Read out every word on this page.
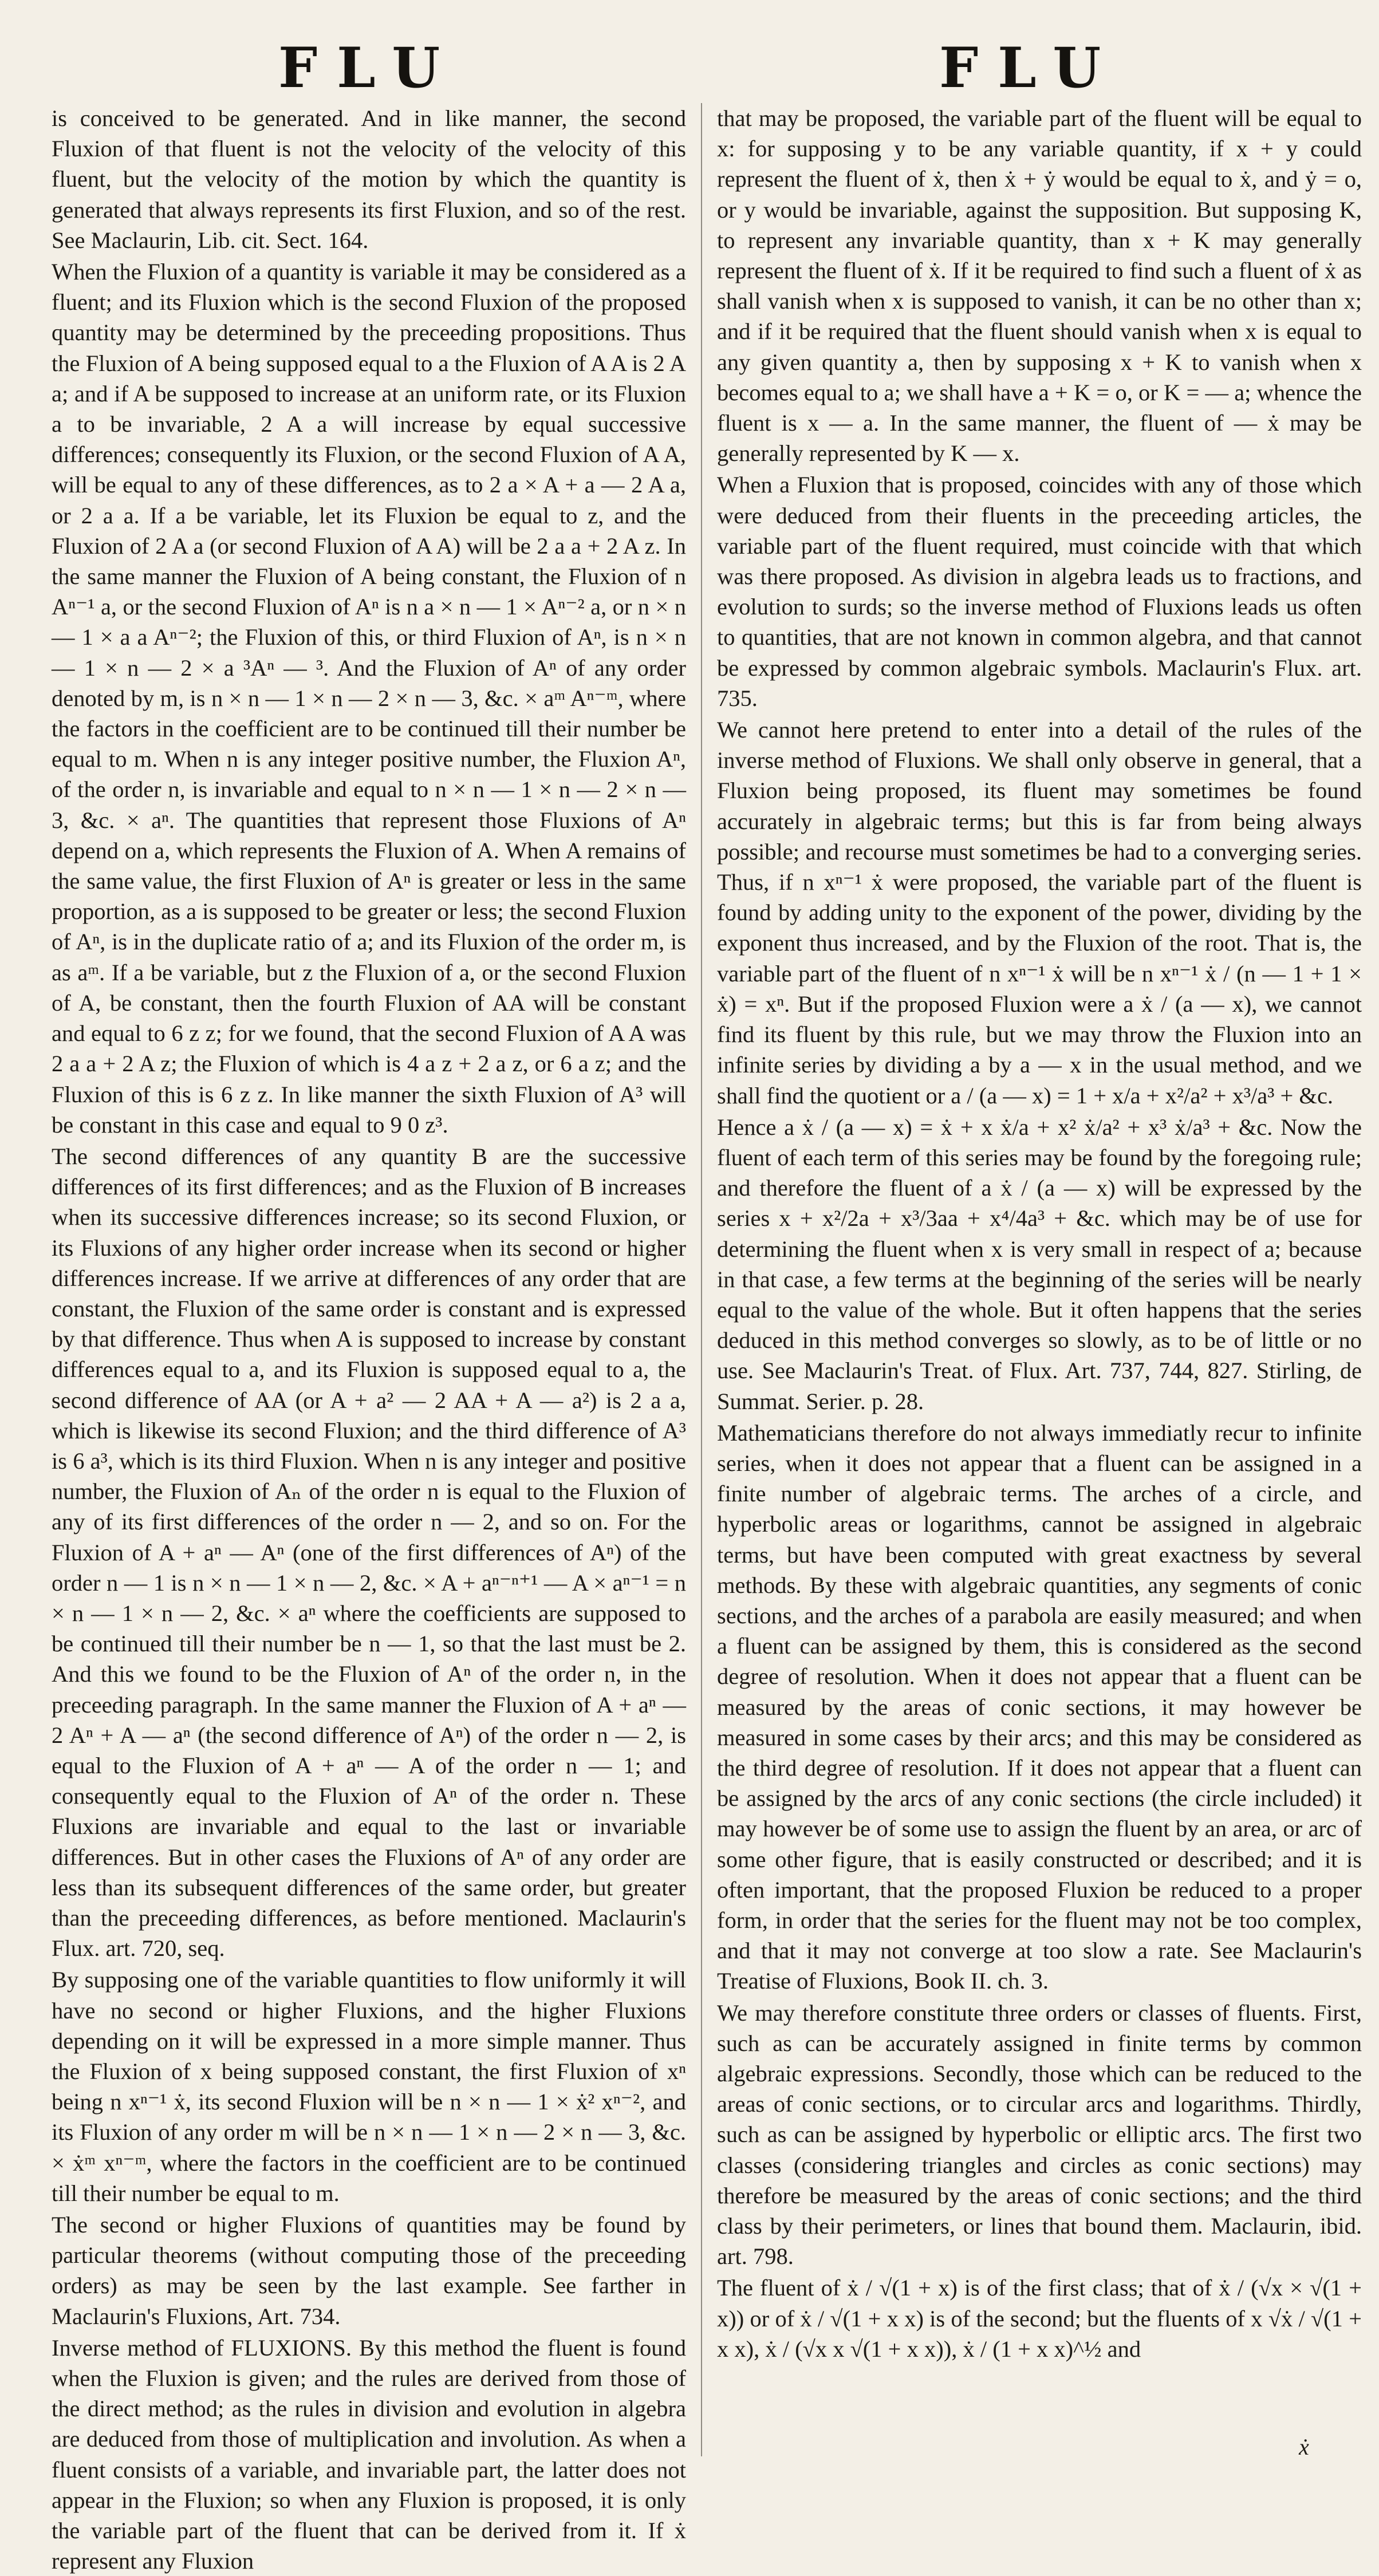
FLU	FLU

is conceived to be generated. And in like manner, the second Fluxion of that fluent is not the velocity of the velocity of this fluent, but the velocity of the motion by which the quantity is generated that always represents its first Fluxion, and so of the rest. See Maclaurin, Lib. cit. Sect. 164.

When the Fluxion of a quantity is variable it may be considered as a fluent; and its Fluxion which is the second Fluxion of the proposed quantity may be determined by the preceeding propositions. Thus the Fluxion of A being supposed equal to a the Fluxion of A A is 2 A a; and if A be supposed to increase at an uniform rate, or its Fluxion a to be invariable, 2 A a will increase by equal successive differences; consequently its Fluxion, or the second Fluxion of A A, will be equal to any of these differences, as to 2 a × A + a — 2 A a, or 2 a a. If a be variable, let its Fluxion be equal to z, and the Fluxion of 2 A a (or second Fluxion of A A) will be 2 a a + 2 A z. In the same manner the Fluxion of A being constant, the Fluxion of n Aⁿ⁻¹ a, or the second Fluxion of Aⁿ is n a × n — 1 × Aⁿ⁻² a, or n × n — 1 × a a Aⁿ⁻²; the Fluxion of this, or third Fluxion of Aⁿ, is n × n — 1 × n — 2 × a ³Aⁿ — ³. And the Fluxion of Aⁿ of any order denoted by m, is n × n — 1 × n — 2 × n — 3, &c. × aᵐ Aⁿ⁻ᵐ, where the factors in the coefficient are to be continued till their number be equal to m. When n is any integer positive number, the Fluxion Aⁿ, of the order n, is invariable and equal to n × n — 1 × n — 2 × n — 3, &c. × aⁿ. The quantities that represent those Fluxions of Aⁿ depend on a, which represents the Fluxion of A. When A remains of the same value, the first Fluxion of Aⁿ is greater or less in the same proportion, as a is supposed to be greater or less; the second Fluxion of Aⁿ, is in the duplicate ratio of a; and its Fluxion of the order m, is as aᵐ. If a be variable, but z the Fluxion of a, or the second Fluxion of A, be constant, then the fourth Fluxion of AA will be constant and equal to 6 z z; for we found, that the second Fluxion of A A was 2 a a + 2 A z; the Fluxion of which is 4 a z + 2 a z, or 6 a z; and the Fluxion of this is 6 z z. In like manner the sixth Fluxion of A³ will be constant in this case and equal to 9 0 z³.

The second differences of any quantity B are the successive differences of its first differences; and as the Fluxion of B increases when its successive differences increase; so its second Fluxion, or its Fluxions of any higher order increase when its second or higher differences increase. If we arrive at differences of any order that are constant, the Fluxion of the same order is constant and is expressed by that difference. Thus when A is supposed to increase by constant differences equal to a, and its Fluxion is supposed equal to a, the second difference of AA (or A + a² — 2 AA + A — a²) is 2 a a, which is likewise its second Fluxion; and the third difference of A³ is 6 a³, which is its third Fluxion. When n is any integer and positive number, the Fluxion of Aₙ of the order n is equal to the Fluxion of any of its first differences of the order n — 2, and so on. For the Fluxion of A + aⁿ — Aⁿ (one of the first differences of Aⁿ) of the order n — 1 is n × n — 1 × n — 2, &c. × A + aⁿ⁻ⁿ⁺¹ — A × aⁿ⁻¹ = n × n — 1 × n — 2, &c. × aⁿ where the coefficients are supposed to be continued till their number be n — 1, so that the last must be 2. And this we found to be the Fluxion of Aⁿ of the order n, in the preceeding paragraph. In the same manner the Fluxion of A + aⁿ — 2 Aⁿ + A — aⁿ (the second difference of Aⁿ) of the order n — 2, is equal to the Fluxion of A + aⁿ — A of the order n — 1; and consequently equal to the Fluxion of Aⁿ of the order n. These Fluxions are invariable and equal to the last or invariable differences. But in other cases the Fluxions of Aⁿ of any order are less than its subsequent differences of the same order, but greater than the preceeding differences, as before mentioned. Maclaurin's Flux. art. 720, seq.

By supposing one of the variable quantities to flow uniformly it will have no second or higher Fluxions, and the higher Fluxions depending on it will be expressed in a more simple manner. Thus the Fluxion of x being supposed constant, the first Fluxion of xⁿ being n xⁿ⁻¹ ẋ, its second Fluxion will be n × n — 1 × ẋ² xⁿ⁻², and its Fluxion of any order m will be n × n — 1 × n — 2 × n — 3, &c. × ẋᵐ xⁿ⁻ᵐ, where the factors in the coefficient are to be continued till their number be equal to m.

The second or higher Fluxions of quantities may be found by particular theorems (without computing those of the preceeding orders) as may be seen by the last example. See farther in Maclaurin's Fluxions, Art. 734.

Inverse method of FLUXIONS. By this method the fluent is found when the Fluxion is given; and the rules are derived from those of the direct method; as the rules in division and evolution in algebra are deduced from those of multiplication and involution. As when a fluent consists of a variable, and invariable part, the latter does not appear in the Fluxion; so when any Fluxion is proposed, it is only the variable part of the fluent that can be derived from it. If ẋ represent any Fluxion

that may be proposed, the variable part of the fluent will be equal to x: for supposing y to be any variable quantity, if x + y could represent the fluent of ẋ, then ẋ + ẏ would be equal to ẋ, and ẏ = o, or y would be invariable, against the supposition. But supposing K, to represent any invariable quantity, than x + K may generally represent the fluent of ẋ. If it be required to find such a fluent of ẋ as shall vanish when x is supposed to vanish, it can be no other than x; and if it be required that the fluent should vanish when x is equal to any given quantity a, then by supposing x + K to vanish when x becomes equal to a; we shall have a + K = o, or K = — a; whence the fluent is x — a. In the same manner, the fluent of — ẋ may be generally represented by K — x.

When a Fluxion that is proposed, coincides with any of those which were deduced from their fluents in the preceeding articles, the variable part of the fluent required, must coincide with that which was there proposed. As division in algebra leads us to fractions, and evolution to surds; so the inverse method of Fluxions leads us often to quantities, that are not known in common algebra, and that cannot be expressed by common algebraic symbols. Maclaurin's Flux. art. 735.

We cannot here pretend to enter into a detail of the rules of the inverse method of Fluxions. We shall only observe in general, that a Fluxion being proposed, its fluent may sometimes be found accurately in algebraic terms; but this is far from being always possible; and recourse must sometimes be had to a converging series. Thus, if n xⁿ⁻¹ ẋ were proposed, the variable part of the fluent is found by adding unity to the exponent of the power, dividing by the exponent thus increased, and by the Fluxion of the root. That is, the variable part of the fluent of n xⁿ⁻¹ ẋ will be n xⁿ⁻¹ ẋ / (n — 1 + 1 × ẋ) = xⁿ. But if the proposed Fluxion were a ẋ / (a — x), we cannot find its fluent by this rule, but we may throw the Fluxion into an infinite series by dividing a by a — x in the usual method, and we shall find the quotient or a / (a — x) = 1 + x/a + x²/a² + x³/a³ + &c.

Hence a ẋ / (a — x) = ẋ + x ẋ/a + x² ẋ/a² + x³ ẋ/a³ + &c. Now the fluent of each term of this series may be found by the foregoing rule; and therefore the fluent of a ẋ / (a — x) will be expressed by the series x + x²/2a + x³/3aa + x⁴/4a³ + &c. which may be of use for determining the fluent when x is very small in respect of a; because in that case, a few terms at the beginning of the series will be nearly equal to the value of the whole. But it often happens that the series deduced in this method converges so slowly, as to be of little or no use. See Maclaurin's Treat. of Flux. Art. 737, 744, 827. Stirling, de Summat. Serier. p. 28.

Mathematicians therefore do not always immediatly recur to infinite series, when it does not appear that a fluent can be assigned in a finite number of algebraic terms. The arches of a circle, and hyperbolic areas or logarithms, cannot be assigned in algebraic terms, but have been computed with great exactness by several methods. By these with algebraic quantities, any segments of conic sections, and the arches of a parabola are easily measured; and when a fluent can be assigned by them, this is considered as the second degree of resolution. When it does not appear that a fluent can be measured by the areas of conic sections, it may however be measured in some cases by their arcs; and this may be considered as the third degree of resolution. If it does not appear that a fluent can be assigned by the arcs of any conic sections (the circle included) it may however be of some use to assign the fluent by an area, or arc of some other figure, that is easily constructed or described; and it is often important, that the proposed Fluxion be reduced to a proper form, in order that the series for the fluent may not be too complex, and that it may not converge at too slow a rate. See Maclaurin's Treatise of Fluxions, Book II. ch. 3.

We may therefore constitute three orders or classes of fluents. First, such as can be accurately assigned in finite terms by common algebraic expressions. Secondly, those which can be reduced to the areas of conic sections, or to circular arcs and logarithms. Thirdly, such as can be assigned by hyperbolic or elliptic arcs. The first two classes (considering triangles and circles as conic sections) may therefore be measured by the areas of conic sections; and the third class by their perimeters, or lines that bound them. Maclaurin, ibid. art. 798.

The fluent of ẋ / √(1 + x) is of the first class; that of ẋ / (√x × √(1 + x)) or of ẋ / √(1 + x x) is of the second; but the fluents of x √ẋ / √(1 + x x), ẋ / (√x x √(1 + x x)), ẋ / (1 + x x)^½ and

ẋ
